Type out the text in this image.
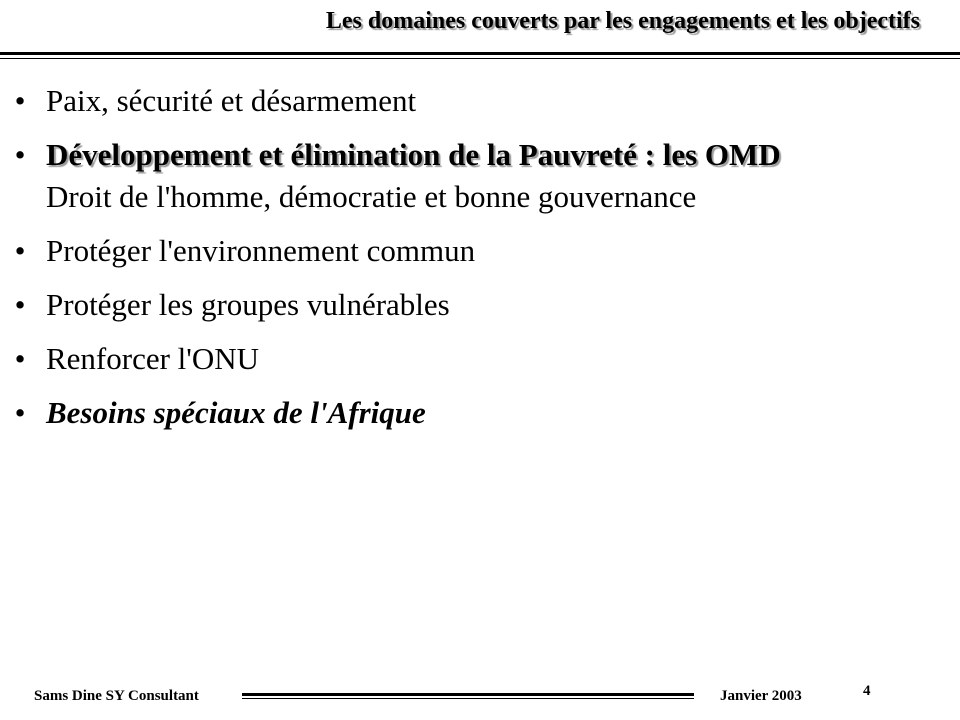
Les domaines couverts par les engagements et les objectifs
• Paix, sécurité et désarmement
• Développement et élimination de la Pauvreté : les OMD
Droit de l'homme, démocratie et bonne gouvernance
• Protéger l'environnement commun
• Protéger les groupes vulnérables
• Renforcer l'ONU
• Besoins spéciaux de l'Afrique
Sams Dine SY Consultant	Janvier 2003	4
